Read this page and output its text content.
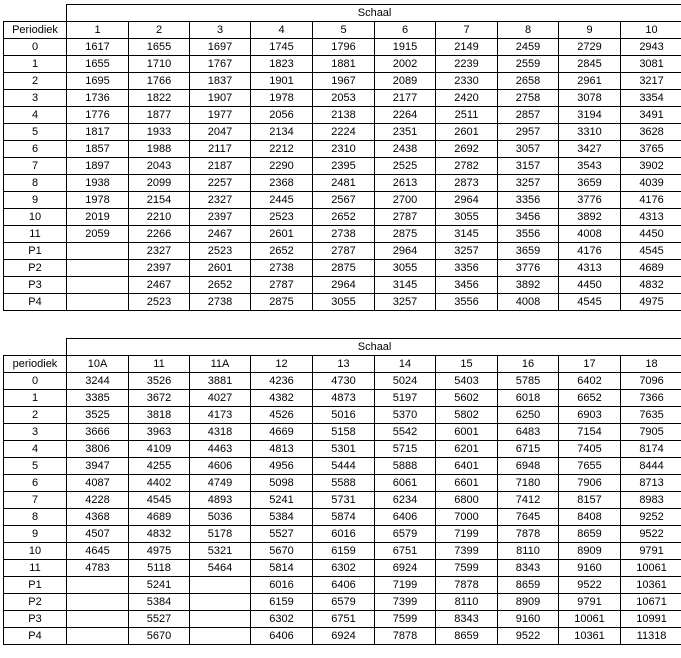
	Schaal									
Periodiek	1	2	3	4	5	6	7	8	9	10
0	1617	1655	1697	1745	1796	1915	2149	2459	2729	2943
1	1655	1710	1767	1823	1881	2002	2239	2559	2845	3081
2	1695	1766	1837	1901	1967	2089	2330	2658	2961	3217
3	1736	1822	1907	1978	2053	2177	2420	2758	3078	3354
4	1776	1877	1977	2056	2138	2264	2511	2857	3194	3491
5	1817	1933	2047	2134	2224	2351	2601	2957	3310	3628
6	1857	1988	2117	2212	2310	2438	2692	3057	3427	3765
7	1897	2043	2187	2290	2395	2525	2782	3157	3543	3902
8	1938	2099	2257	2368	2481	2613	2873	3257	3659	4039
9	1978	2154	2327	2445	2567	2700	2964	3356	3776	4176
10	2019	2210	2397	2523	2652	2787	3055	3456	3892	4313
11	2059	2266	2467	2601	2738	2875	3145	3556	4008	4450
P1		2327	2523	2652	2787	2964	3257	3659	4176	4545
P2		2397	2601	2738	2875	3055	3356	3776	4313	4689
P3		2467	2652	2787	2964	3145	3456	3892	4450	4832
P4		2523	2738	2875	3055	3257	3556	4008	4545	4975
	Schaal									
periodiek	10A	11	11A	12	13	14	15	16	17	18
0	3244	3526	3881	4236	4730	5024	5403	5785	6402	7096
1	3385	3672	4027	4382	4873	5197	5602	6018	6652	7366
2	3525	3818	4173	4526	5016	5370	5802	6250	6903	7635
3	3666	3963	4318	4669	5158	5542	6001	6483	7154	7905
4	3806	4109	4463	4813	5301	5715	6201	6715	7405	8174
5	3947	4255	4606	4956	5444	5888	6401	6948	7655	8444
6	4087	4402	4749	5098	5588	6061	6601	7180	7906	8713
7	4228	4545	4893	5241	5731	6234	6800	7412	8157	8983
8	4368	4689	5036	5384	5874	6406	7000	7645	8408	9252
9	4507	4832	5178	5527	6016	6579	7199	7878	8659	9522
10	4645	4975	5321	5670	6159	6751	7399	8110	8909	9791
11	4783	5118	5464	5814	6302	6924	7599	8343	9160	10061
P1		5241		6016	6406	7199	7878	8659	9522	10361
P2		5384		6159	6579	7399	8110	8909	9791	10671
P3		5527		6302	6751	7599	8343	9160	10061	10991
P4		5670		6406	6924	7878	8659	9522	10361	11318
